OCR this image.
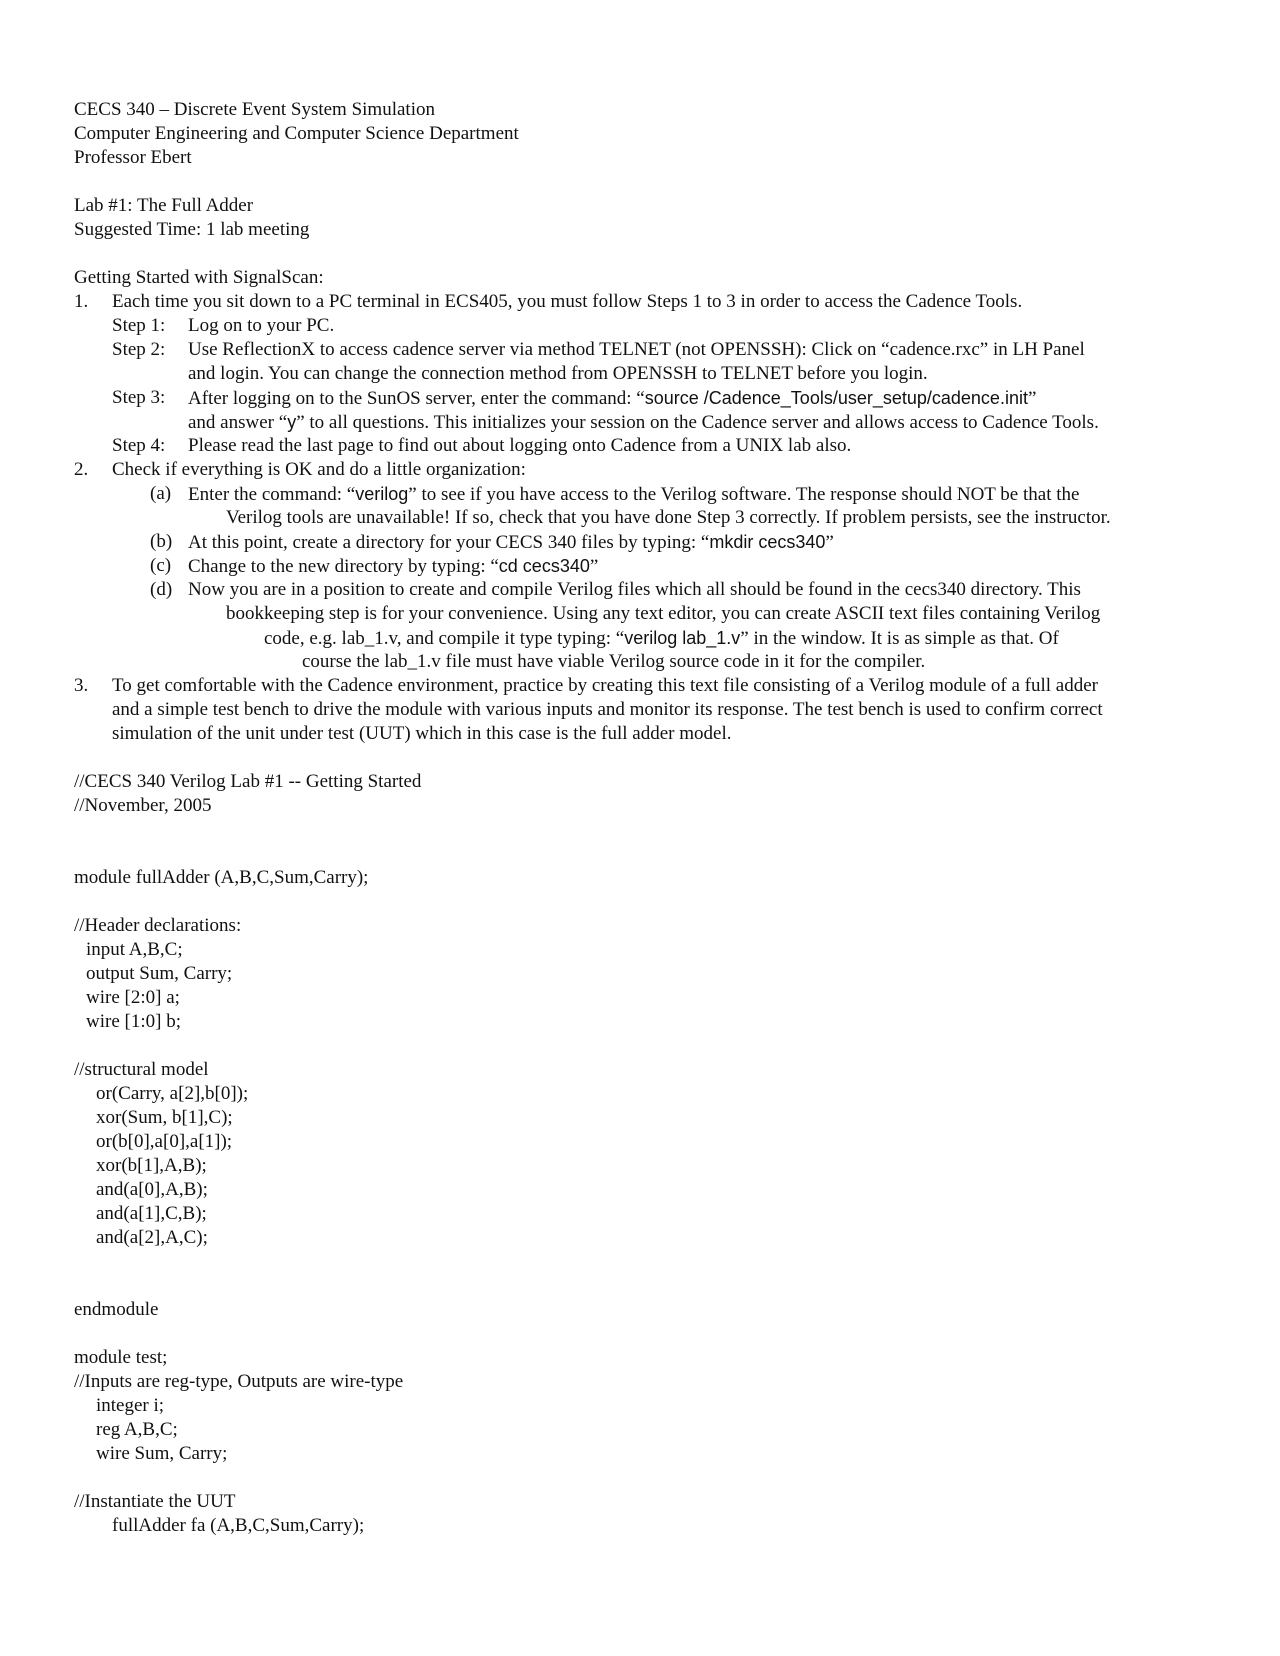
CECS 340 – Discrete Event System Simulation

Computer Engineering and Computer Science Department

Professor Ebert

Lab #1: The Full Adder

Suggested Time: 1 lab meeting

Getting Started with SignalScan:

1. Each time you sit down to a PC terminal in ECS405, you must follow Steps 1 to 3 in order to access the Cadence Tools.

Step 1: Log on to your PC.

Step 2: Use ReflectionX to access cadence server via method TELNET (not OPENSSH): Click on “cadence.rxc” in LH Panel

and login. You can change the connection method from OPENSSH to TELNET before you login.

Step 3: After logging on to the SunOS server, enter the command: “source /Cadence_Tools/user_setup/cadence.init”

and answer “y” to all questions. This initializes your session on the Cadence server and allows access to Cadence Tools.

Step 4: Please read the last page to find out about logging onto Cadence from a UNIX lab also.

2. Check if everything is OK and do a little organization:

(a) Enter the command: “verilog” to see if you have access to the Verilog software. The response should NOT be that the

Verilog tools are unavailable! If so, check that you have done Step 3 correctly. If problem persists, see the instructor.

(b) At this point, create a directory for your CECS 340 files by typing: “mkdir cecs340”

(c) Change to the new directory by typing: “cd cecs340”

(d) Now you are in a position to create and compile Verilog files which all should be found in the cecs340 directory. This

bookkeeping step is for your convenience. Using any text editor, you can create ASCII text files containing Verilog

code, e.g. lab_1.v, and compile it type typing: “verilog lab_1.v” in the window. It is as simple as that. Of

course the lab_1.v file must have viable Verilog source code in it for the compiler.

3. To get comfortable with the Cadence environment, practice by creating this text file consisting of a Verilog module of a full adder

and a simple test bench to drive the module with various inputs and monitor its response. The test bench is used to confirm correct

simulation of the unit under test (UUT) which in this case is the full adder model.

//CECS 340 Verilog Lab #1 -- Getting Started

//November, 2005

module fullAdder (A,B,C,Sum,Carry);

//Header declarations:

input A,B,C;

output Sum, Carry;

wire [2:0] a;

wire [1:0] b;

//structural model

or(Carry, a[2],b[0]);

xor(Sum, b[1],C);

or(b[0],a[0],a[1]);

xor(b[1],A,B);

and(a[0],A,B);

and(a[1],C,B);

and(a[2],A,C);

endmodule

module test;

//Inputs are reg-type, Outputs are wire-type

integer i;

reg A,B,C;

wire Sum, Carry;

//Instantiate the UUT

fullAdder fa (A,B,C,Sum,Carry);
